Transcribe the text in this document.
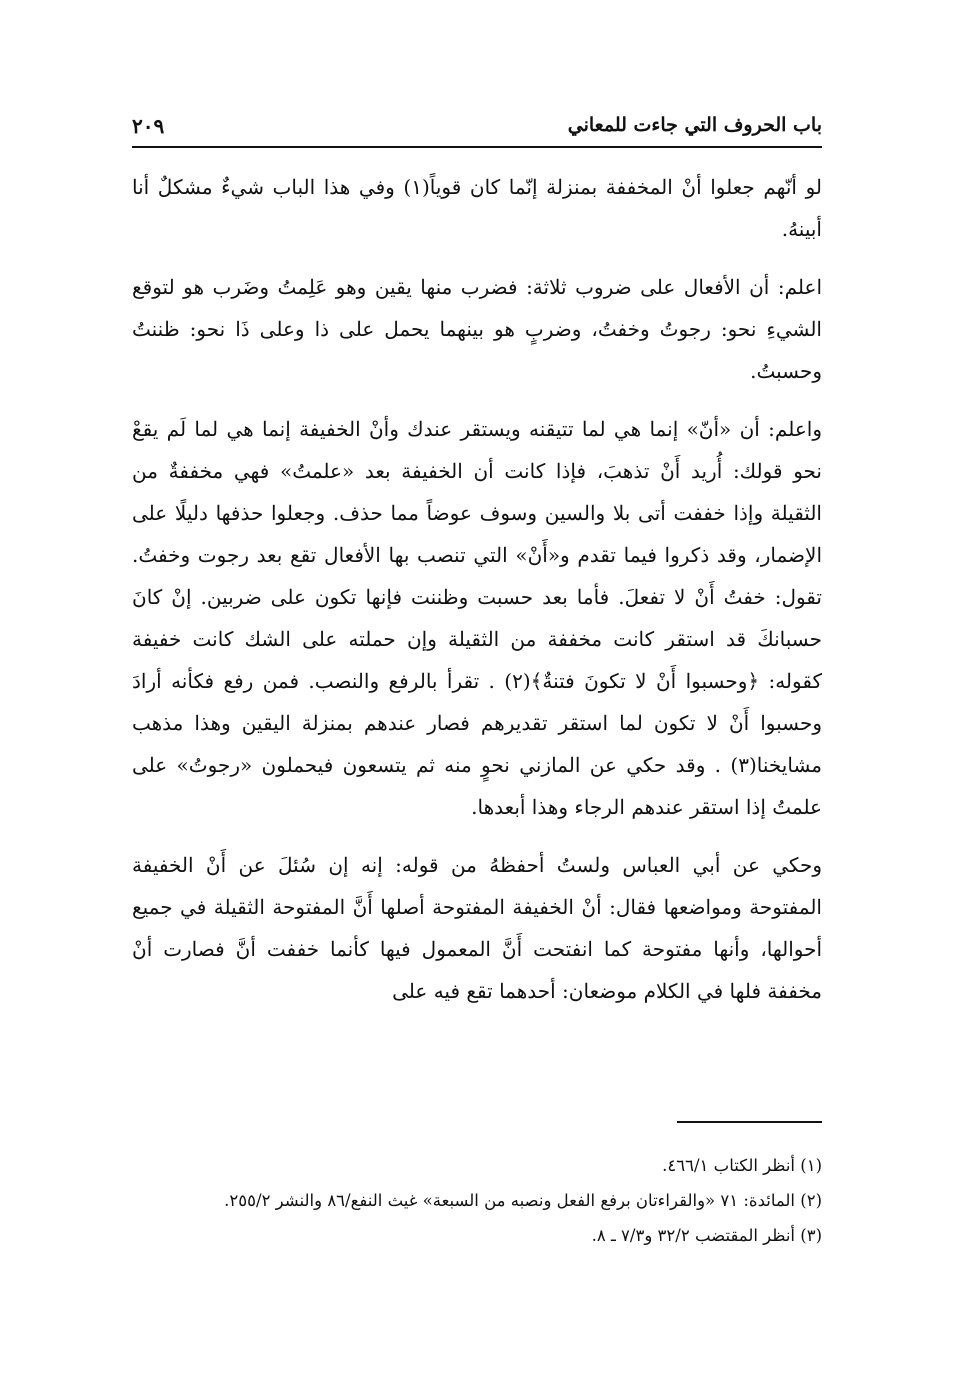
باب الحروف التي جاءت للمعاني
٢٠٩

لو أنّهم جعلوا أنْ المخففة بمنزلة إنّما كان قوياً(١) وفي هذا الباب شيءٌ مشكلٌ أنا أبينهُ.

اعلم: أن الأفعال على ضروب ثلاثة: فضرب منها يقين وهو عَلِمتُ وضَرب هو لتوقع الشيءِ نحو: رجوتُ وخفتُ، وضربٍ هو بينهما يحمل على ذا وعلى ذَا نحو: ظننتُ وحسبتُ.

واعلم: أن «أنّ» إنما هي لما تتيقنه ويستقر عندك وأنْ الخفيفة إنما هي لما لَم يقعْ نحو قولك: أُريد أَنْ تذهبَ، فإذا كانت أن الخفيفة بعد «علمتُ» فهي مخففةٌ من الثقيلة وإذا خففت أتى بلا والسين وسوف عوضاً مما حذف. وجعلوا حذفها دليلًا على الإضمار، وقد ذكروا فيما تقدم و«أَنْ» التي تنصب بها الأفعال تقع بعد رجوت وخفتُ. تقول: خفتُ أَنْ لا تفعلَ. فأما بعد حسبت وظننت فإنها تكون على ضربين. إنْ كانَ حسبانكَ قد استقر كانت مخففة من الثقيلة وإن حملته على الشك كانت خفيفة كقوله: ﴿وحسبوا أَنْ لا تكونَ فتنةٌ﴾(٢) . تقرأ بالرفع والنصب. فمن رفع فكأنه أرادَ وحسبوا أَنْ لا تكون لما استقر تقديرهم فصار عندهم بمنزلة اليقين وهذا مذهب مشايخنا(٣) . وقد حكي عن المازني نحوٍ منه ثم يتسعون فيحملون «رجوتُ» على علمتُ إذا استقر عندهم الرجاء وهذا أبعدها.

وحكي عن أبي العباس ولستُ أحفظهُ من قوله: إنه إن سُئلَ عن أَنْ الخفيفة المفتوحة ومواضعها فقال: أنْ الخفيفة المفتوحة أصلها أَنَّ المفتوحة الثقيلة في جميع أحوالها، وأنها مفتوحة كما انفتحت أَنَّ المعمول فيها كأنما خففت أنَّ فصارت أنْ مخففة فلها في الكلام موضعان: أحدهما تقع فيه على

(١) أنظر الكتاب ٤٦٦/١.

(٢) المائدة: ٧١ «والقراءتان برفع الفعل ونصبه من السبعة» غيث النفع/٨٦ والنشر ٢٥٥/٢.

(٣) أنظر المقتضب ٣٢/٢ و٧/٣ ـ ٨.
